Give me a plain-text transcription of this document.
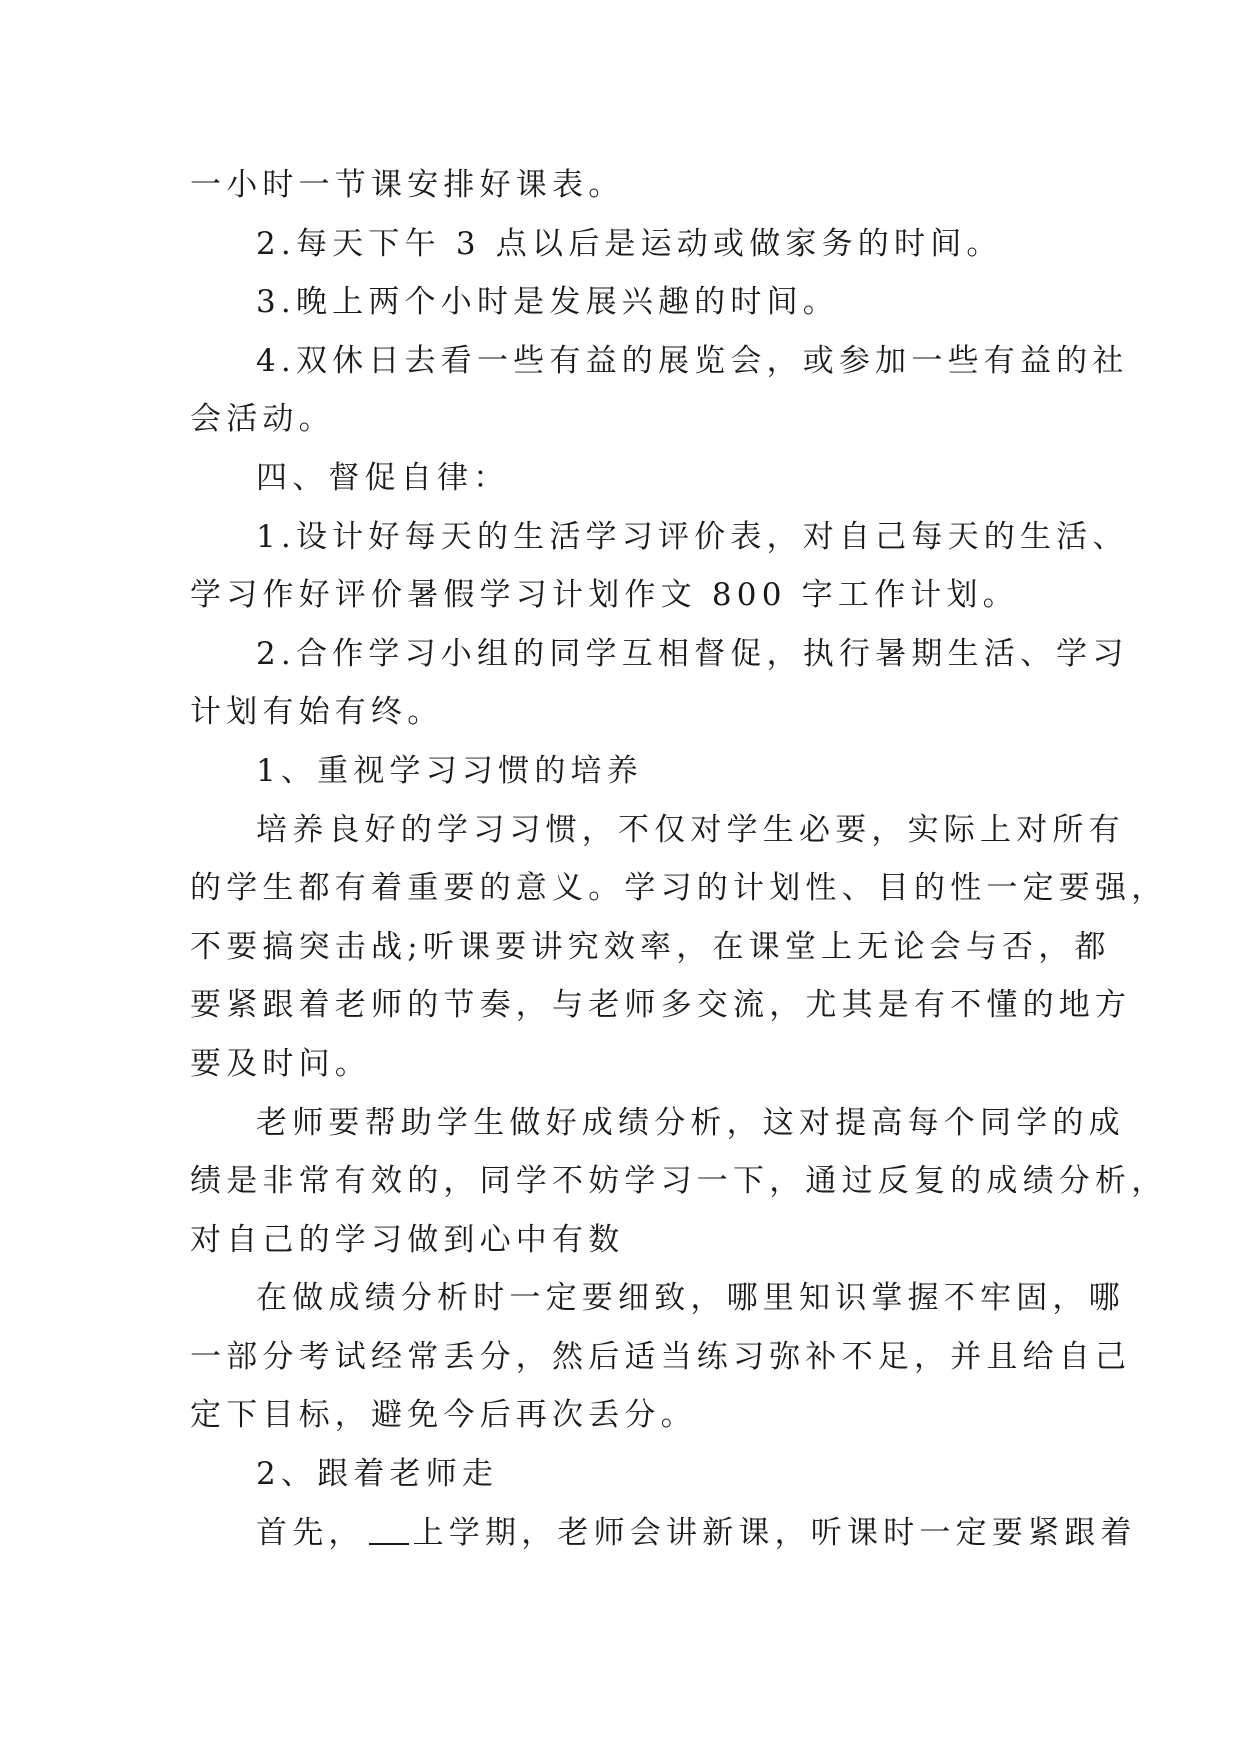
一小时一节课安排好课表。
2.每天下午 3 点以后是运动或做家务的时间。
3.晚上两个小时是发展兴趣的时间。
4.双休日去看一些有益的展览会，或参加一些有益的社
会活动。
四、督促自律：
1.设计好每天的生活学习评价表，对自己每天的生活、
学习作好评价暑假学习计划作文 800 字工作计划。
2.合作学习小组的同学互相督促，执行暑期生活、学习
计划有始有终。
1、重视学习习惯的培养
培养良好的学习习惯，不仅对学生必要，实际上对所有
的学生都有着重要的意义。学习的计划性、目的性一定要强，
不要搞突击战;听课要讲究效率，在课堂上无论会与否，都
要紧跟着老师的节奏，与老师多交流，尤其是有不懂的地方
要及时问。
老师要帮助学生做好成绩分析，这对提高每个同学的成
绩是非常有效的，同学不妨学习一下，通过反复的成绩分析，
对自己的学习做到心中有数
在做成绩分析时一定要细致，哪里知识掌握不牢固，哪
一部分考试经常丢分，然后适当练习弥补不足，并且给自己
定下目标，避免今后再次丢分。
2、跟着老师走
首先， 上学期，老师会讲新课，听课时一定要紧跟着
